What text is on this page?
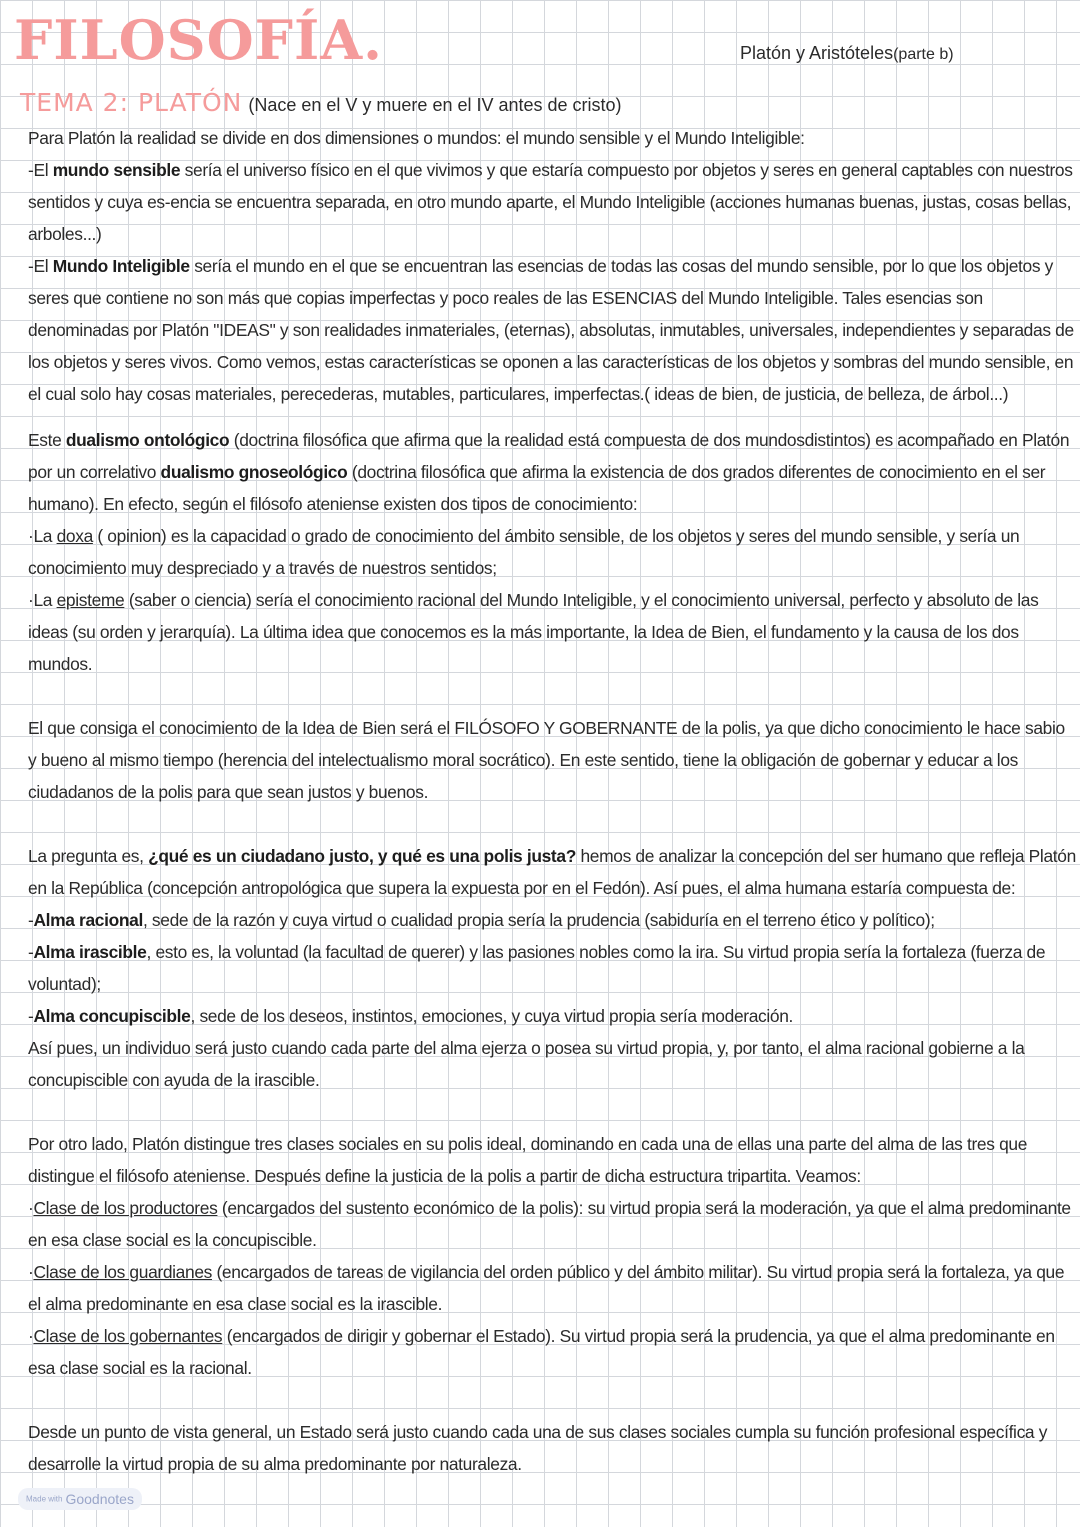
FILOSOFÍA.	Platón y Aristóteles(parte b)
TEMA 2: PLATÓN (Nace en el V y muere en el IV antes de cristo)

Para Platón la realidad se divide en dos dimensiones o mundos: el mundo sensible y el Mundo Inteligible:

-El mundo sensible sería el universo físico en el que vivimos y que estaría compuesto por objetos y seres en general captables con nuestros sentidos y cuya es-encia se encuentra separada, en otro mundo aparte, el Mundo Inteligible (acciones humanas buenas, justas, cosas bellas, arboles...)

-El Mundo Inteligible sería el mundo en el que se encuentran las esencias de todas las cosas del mundo sensible, por lo que los objetos y seres que contiene no son más que copias imperfectas y poco reales de las ESENCIAS del Mundo Inteligible. Tales esencias son denominadas por Platón "IDEAS" y son realidades inmateriales, (eternas), absolutas, inmutables, universales, independientes y separadas de los objetos y seres vivos. Como vemos, estas características se oponen a las características de los objetos y sombras del mundo sensible, en el cual solo hay cosas materiales, perecederas, mutables, particulares, imperfectas.( ideas de bien, de justicia, de belleza, de árbol...)

Este dualismo ontológico (doctrina filosófica que afirma que la realidad está compuesta de dos mundosdistintos) es acompañado en Platón por un correlativo dualismo gnoseológico (doctrina filosófica que afirma la existencia de dos grados diferentes de conocimiento en el ser humano). En efecto, según el filósofo ateniense existen dos tipos de conocimiento:

·La doxa ( opinion) es la capacidad o grado de conocimiento del ámbito sensible, de los objetos y seres del mundo sensible, y sería un conocimiento muy despreciado y a través de nuestros sentidos;

·La episteme (saber o ciencia) sería el conocimiento racional del Mundo Inteligible, y el conocimiento universal, perfecto y absoluto de las ideas (su orden y jerarquía). La última idea que conocemos es la más importante, la Idea de Bien, el fundamento y la causa de los dos mundos.

El que consiga el conocimiento de la Idea de Bien será el FILÓSOFO Y GOBERNANTE de la polis, ya que dicho conocimiento le hace sabio y bueno al mismo tiempo (herencia del intelectualismo moral socrático). En este sentido, tiene la obligación de gobernar y educar a los ciudadanos de la polis para que sean justos y buenos.

La pregunta es, ¿qué es un ciudadano justo, y qué es una polis justa? hemos de analizar la concepción del ser humano que refleja Platón en la República (concepción antropológica que supera la expuesta por en el Fedón). Así pues, el alma humana estaría compuesta de:

-Alma racional, sede de la razón y cuya virtud o cualidad propia sería la prudencia (sabiduría en el terreno ético y político);

-Alma irascible, esto es, la voluntad (la facultad de querer) y las pasiones nobles como la ira. Su virtud propia sería la fortaleza (fuerza de voluntad);

-Alma concupiscible, sede de los deseos, instintos, emociones, y cuya virtud propia sería moderación.

Así pues, un individuo será justo cuando cada parte del alma ejerza o posea su virtud propia, y, por tanto, el alma racional gobierne a la concupiscible con ayuda de la irascible.

Por otro lado, Platón distingue tres clases sociales en su polis ideal, dominando en cada una de ellas una parte del alma de las tres que distingue el filósofo ateniense. Después define la justicia de la polis a partir de dicha estructura tripartita. Veamos:

·Clase de los productores (encargados del sustento económico de la polis): su virtud propia será la moderación, ya que el alma predominante en esa clase social es la concupiscible.

·Clase de los guardianes (encargados de tareas de vigilancia del orden público y del ámbito militar). Su virtud propia será la fortaleza, ya que el alma predominante en esa clase social es la irascible.

·Clase de los gobernantes (encargados de dirigir y gobernar el Estado). Su virtud propia será la prudencia, ya que el alma predominante en esa clase social es la racional.

Desde un punto de vista general, un Estado será justo cuando cada una de sus clases sociales cumpla su función profesional específica y desarrolle la virtud propia de su alma predominante por naturaleza.

Made with Goodnotes
